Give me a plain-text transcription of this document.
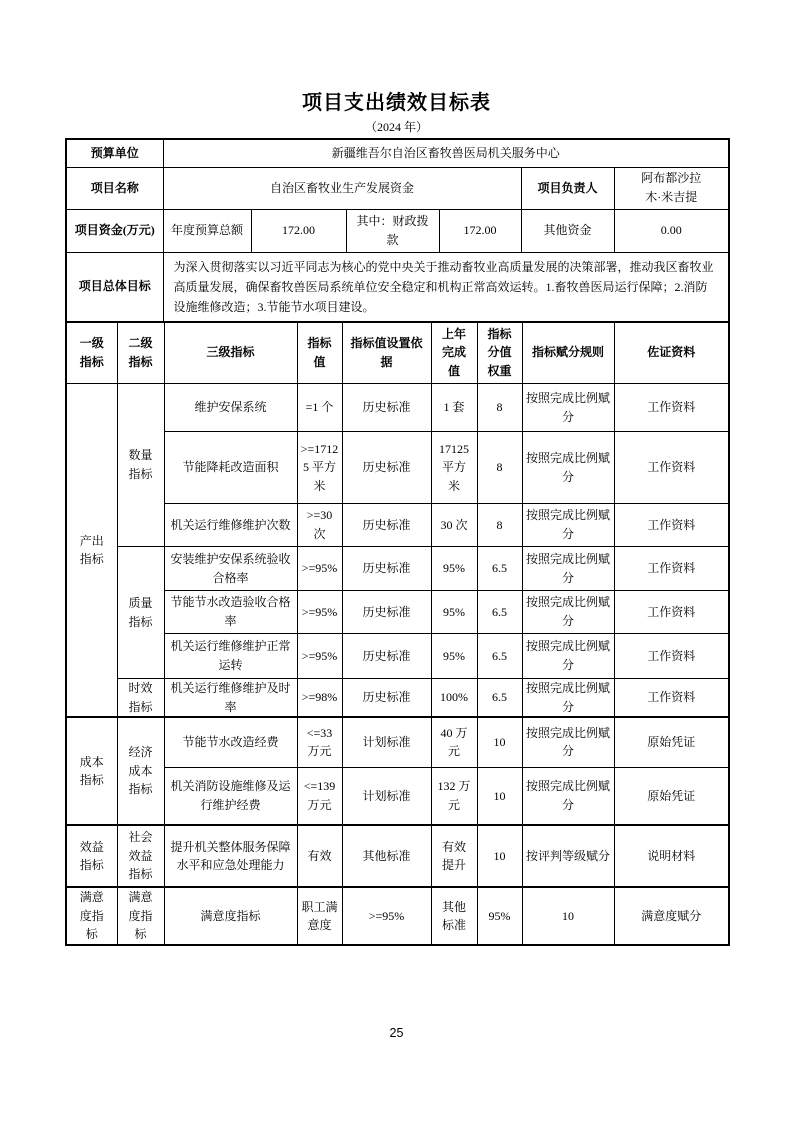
项目支出绩效目标表
（2024 年）
预算单位	新疆维吾尔自治区畜牧兽医局机关服务中心					
项目名称	自治区畜牧业生产发展资金				项目负责人	阿布都沙拉木·米吉提
项目资金(万元)	年度预算总额	172.00	其中：财政拨款	172.00	其他资金	0.00
项目总体目标	为深入贯彻落实以习近平同志为核心的党中央关于推动畜牧业高质量发展的决策部署，推动我区畜牧业高质量发展，确保畜牧兽医局系统单位安全稳定和机构正常高效运转。1.畜牧兽医局运行保障；2.消防设施维修改造；3.节能节水项目建设。					
一级指标	二级指标	三级指标	指标值	指标值设置依据	上年完成值	指标分值权重	指标赋分规则	佐证资料
产出指标	数量指标	维护安保系统	=1 个	历史标准	1 套	8	按照完成比例赋分	工作资料
		节能降耗改造面积	>=17125 平方米	历史标准	17125 平方米	8	按照完成比例赋分	工作资料
		机关运行维修维护次数	>=30 次	历史标准	30 次	8	按照完成比例赋分	工作资料
	质量指标	安装维护安保系统验收合格率	>=95%	历史标准	95%	6.5	按照完成比例赋分	工作资料
		节能节水改造验收合格率	>=95%	历史标准	95%	6.5	按照完成比例赋分	工作资料
		机关运行维修维护正常运转	>=95%	历史标准	95%	6.5	按照完成比例赋分	工作资料
	时效指标	机关运行维修维护及时率	>=98%	历史标准	100%	6.5	按照完成比例赋分	工作资料
成本指标	经济成本指标	节能节水改造经费	<=33 万元	计划标准	40 万元	10	按照完成比例赋分	原始凭证
		机关消防设施维修及运行维护经费	<=139 万元	计划标准	132 万元	10	按照完成比例赋分	原始凭证
效益指标	社会效益指标	提升机关整体服务保障水平和应急处理能力	有效	其他标准	有效提升	10	按评判等级赋分	说明材料
满意度指标	满意度指标	满意度指标	职工满意度	>=95%	其他标准	95%	10	满意度赋分
25
